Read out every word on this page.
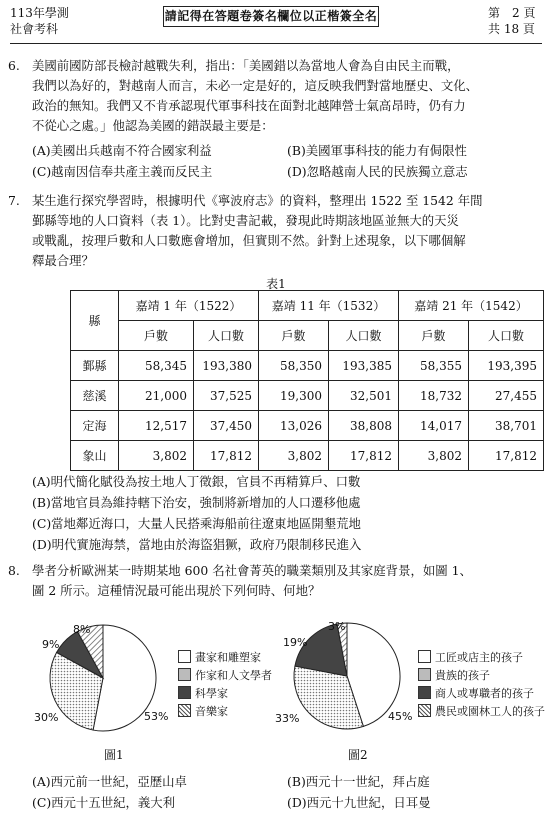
113年學測
社會考科
請記得在答題卷簽名欄位以正楷簽全名	第　2 頁
共 18 頁
6. 美國前國防部長檢討越戰失利，指出：「美國錯以為當地人會為自由民主而戰，
我們以為好的，對越南人而言，未必一定是好的，這反映我們對當地歷史、文化、
政治的無知。我們又不肯承認現代軍事科技在面對北越陣營士氣高昂時，仍有力
不從心之處。」他認為美國的錯誤最主要是：
(A)美國出兵越南不符合國家利益	(B)美國軍事科技的能力有侷限性
(C)越南因信奉共產主義而反民主	(D)忽略越南人民的民族獨立意志
7. 某生進行探究學習時，根據明代《寧波府志》的資料，整理出 1522 至 1542 年間
鄞縣等地的人口資料（表 1）。比對史書記載，發現此時期該地區並無大的天災
或戰亂，按理戶數和人口數應會增加，但實則不然。針對上述現象，以下哪個解
釋最合理？
表1
縣	嘉靖 1 年（1522）		嘉靖 11 年（1532）		嘉靖 21 年（1542）	
	戶數	人口數	戶數	人口數	戶數	人口數
鄞縣	58,345	193,380	58,350	193,385	58,355	193,395
慈溪	21,000	37,525	19,300	32,501	18,732	27,455
定海	12,517	37,450	13,026	38,808	14,017	38,701
象山	3,802	17,812	3,802	17,812	3,802	17,812
(A)明代簡化賦役為按土地人丁徵銀，官員不再精算戶、口數
(B)當地官員為維持轄下治安，強制將新增加的人口遷移他處
(C)當地鄰近海口，大量人民搭乘海船前往遼東地區開墾荒地
(D)明代實施海禁，當地由於海盜猖獗，政府乃限制移民進入
8. 學者分析歐洲某一時期某地 600 名社會菁英的職業類別及其家庭背景，如圖 1、
圖 2 所示。這種情況最可能出現於下列何時、何地？
8%
9%
30%	53%
3%
19%
33%	45%
畫家和雕塑家
作家和人文學者
科學家
音樂家
工匠或店主的孩子
貴族的孩子
商人或專職者的孩子
農民或園林工人的孩子
圖1	圖2
(A)西元前一世紀，亞歷山卓	(B)西元十一世紀，拜占庭
(C)西元十五世紀，義大利	(D)西元十九世紀，日耳曼
